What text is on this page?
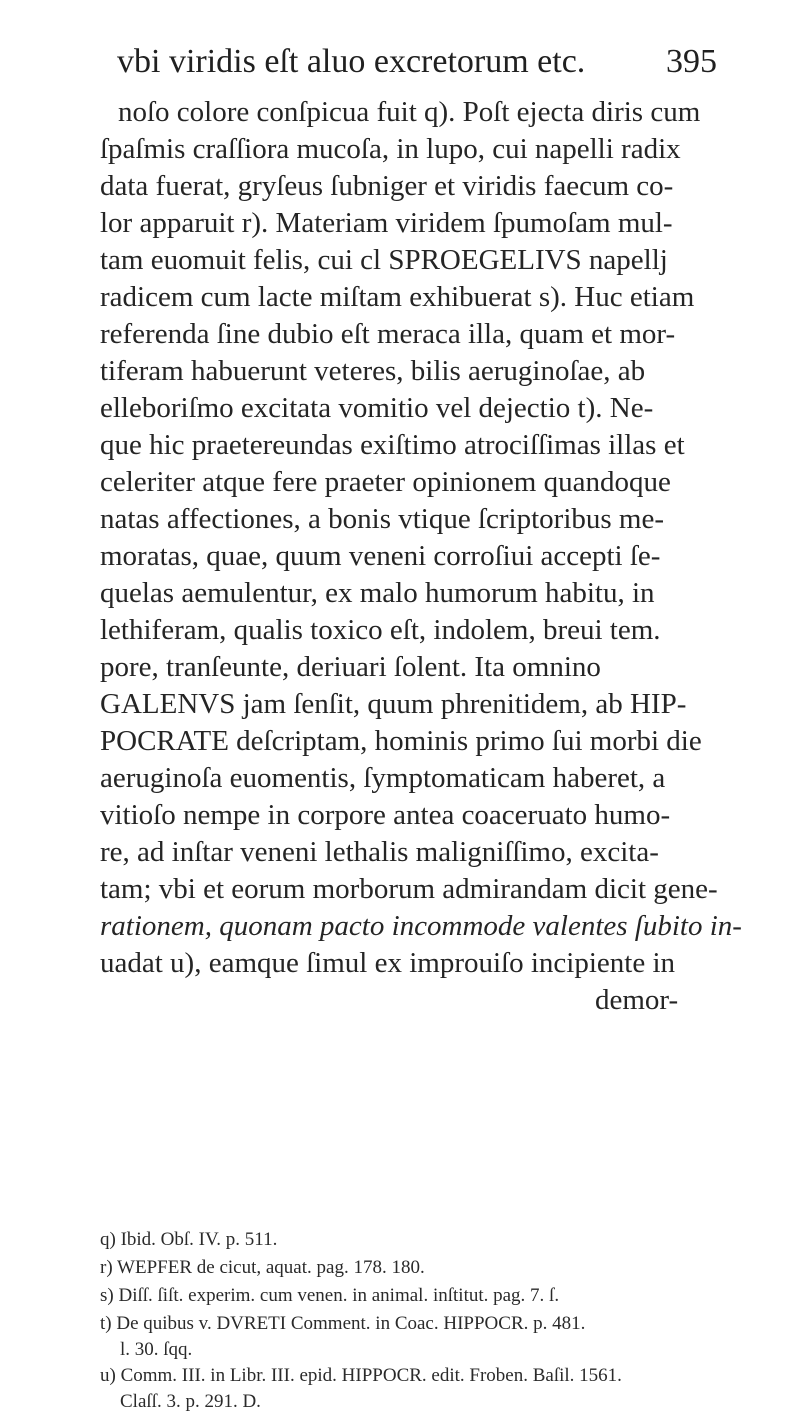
vbi viridis eſt aluo excretorum etc. 395
noſo colore conſpicua fuit q). Poſt ejecta diris cum
ſpaſmis craſſiora mucoſa, in lupo, cui napelli radix
data fuerat, gryſeus ſubniger et viridis faecum co-
lor apparuit r). Materiam viridem ſpumoſam mul-
tam euomuit felis, cui cl SPROEGELIVS napellj
radicem cum lacte miſtam exhibuerat s). Huc etiam
referenda ſine dubio eſt meraca illa, quam et mor-
tiferam habuerunt veteres, bilis aeruginoſae, ab
elleboriſmo excitata vomitio vel dejectio t). Ne-
que hic praetereundas exiſtimo atrociſſimas illas et
celeriter atque fere praeter opinionem quandoque
natas affectiones, a bonis vtique ſcriptoribus me-
moratas, quae, quum veneni corroſiui accepti ſe-
quelas aemulentur, ex malo humorum habitu, in
lethiferam, qualis toxico eſt, indolem, breui tem.
pore, tranſeunte, deriuari ſolent. Ita omnino
GALENVS jam ſenſit, quum phrenitidem, ab HIP-
POCRATE deſcriptam, hominis primo ſui morbi die
aeruginoſa euomentis, ſymptomaticam haberet, a
vitioſo nempe in corpore antea coaceruato humo-
re, ad inſtar veneni lethalis maligniſſimo, excita-
tam; vbi et eorum morborum admirandam dicit gene-
rationem, quonam pacto incommode valentes ſubito in-
uadat u), eamque ſimul ex improuiſo incipiente in
demor-
q) Ibid. Obſ. IV. p. 511.
r) WEPFER de cicut, aquat. pag. 178. 180.
s) Diſſ. ſiſt. experim. cum venen. in animal. inſtitut. pag. 7. ſ.
t) De quibus v. DVRETI Comment. in Coac. HIPPOCR. p. 481.
l. 30. ſqq.
u) Comm. III. in Libr. III. epid. HIPPOCR. edit. Froben. Baſil. 1561.
Claſſ. 3. p. 291. D.
